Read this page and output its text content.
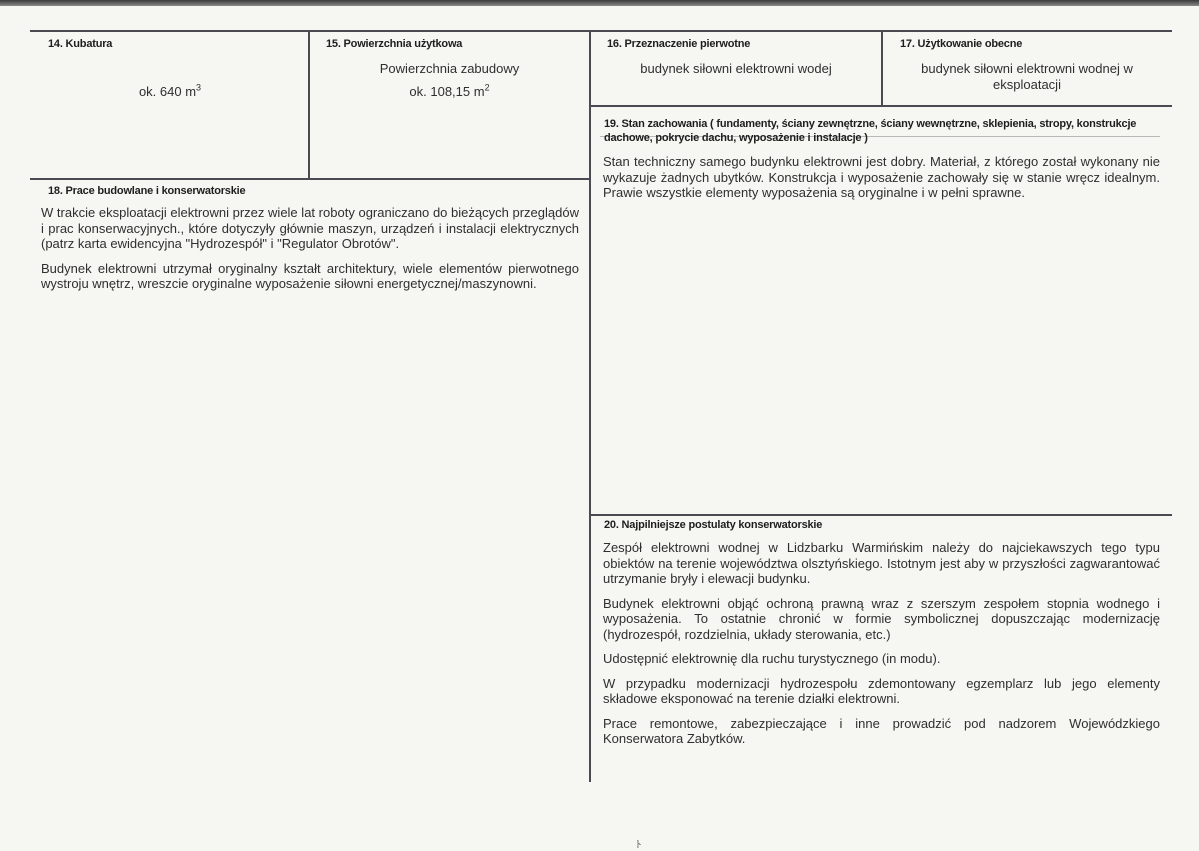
14. Kubatura
ok. 640 $m^3$
15. Powierzchnia użytkowa
Powierzchnia zabudowy
ok. 108,15 $m^2$
16. Przeznaczenie pierwotne
budynek siłowni elektrowni wodej
17. Użytkowanie obecne
budynek siłowni elektrowni wodnej w eksploatacji
19. Stan zachowania ( fundamenty, ściany zewnętrzne, ściany wewnętrzne, sklepienia, stropy, konstrukcje dachowe, pokrycie dachu, wyposażenie i instalacje )

Stan techniczny samego budynku elektrowni jest dobry. Materiał, z którego został wykonany nie wykazuje żadnych ubytków. Konstrukcja i wyposażenie zachowały się w stanie wręcz idealnym. Prawie wszystkie elementy wyposażenia są oryginalne i w pełni sprawne.

18. Prace budowlane i konserwatorskie

W trakcie eksploatacji elektrowni przez wiele lat roboty ograniczano do bieżących przeglądów i prac konserwacyjnych., które dotyczyły głównie maszyn, urządzeń i instalacji elektrycznych (patrz karta ewidencyjna "Hydrozespół" i "Regulator Obrotów".

Budynek elektrowni utrzymał oryginalny kształt architektury, wiele elementów pierwotnego wystroju wnętrz, wreszcie oryginalne wyposażenie siłowni energetycznej/maszynowni.

20. Najpilniejsze postulaty konserwatorskie

Zespół elektrowni wodnej w Lidzbarku Warmińskim należy do najciekawszych tego typu obiektów na terenie województwa olsztyńskiego. Istotnym jest aby w przyszłości zagwarantować utrzymanie bryły i elewacji budynku.

Budynek elektrowni objąć ochroną prawną wraz z szerszym zespołem stopnia wodnego i wyposażenia. To ostatnie chronić w formie symbolicznej dopuszczając modernizację (hydrozespół, rozdzielnia, układy sterowania, etc.)

Udostępnić elektrownię dla ruchu turystycznego (in modu).

W przypadku modernizacji hydrozespołu zdemontowany egzemplarz lub jego elementy składowe eksponować na terenie działki elektrowni.

Prace remontowe, zabezpieczające i inne prowadzić pod nadzorem Wojewódzkiego Konserwatora Zabytków.

ﾄ
